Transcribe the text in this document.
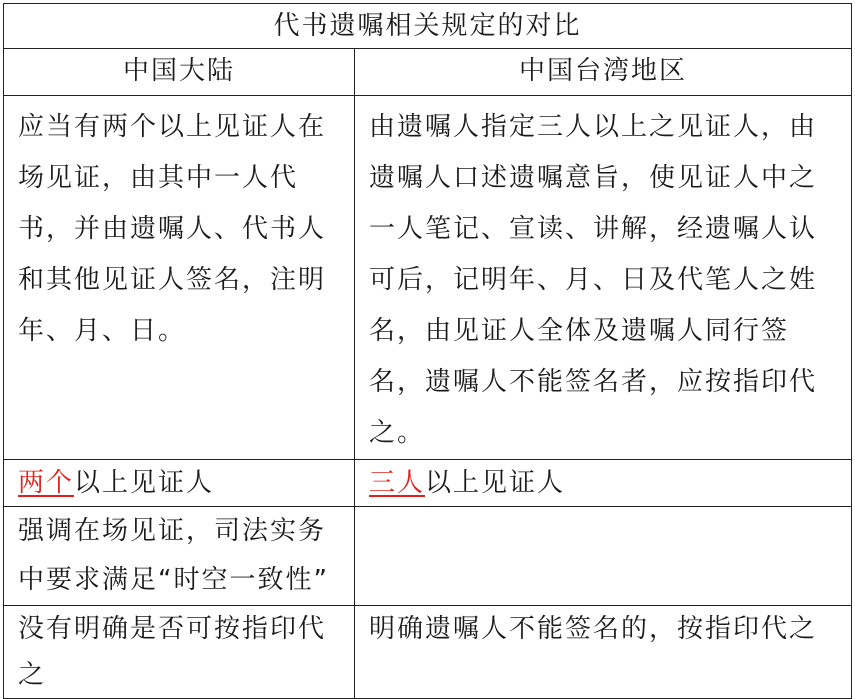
代书遗嘱相关规定的对比	
中国大陆	中国台湾地区
应当有两个以上见证人在场见证，由其中一人代书，并由遗嘱人、代书人和其他见证人签名，注明年、月、日。	由遗嘱人指定三人以上之见证人，由遗嘱人口述遗嘱意旨，使见证人中之一人笔记、宣读、讲解，经遗嘱人认可后，记明年、月、日及代笔人之姓名，由见证人全体及遗嘱人同行签名，遗嘱人不能签名者，应按指印代之。
两个以上见证人	三人以上见证人
强调在场见证，司法实务中要求满足“时空一致性”	
没有明确是否可按指印代之	明确遗嘱人不能签名的，按指印代之
